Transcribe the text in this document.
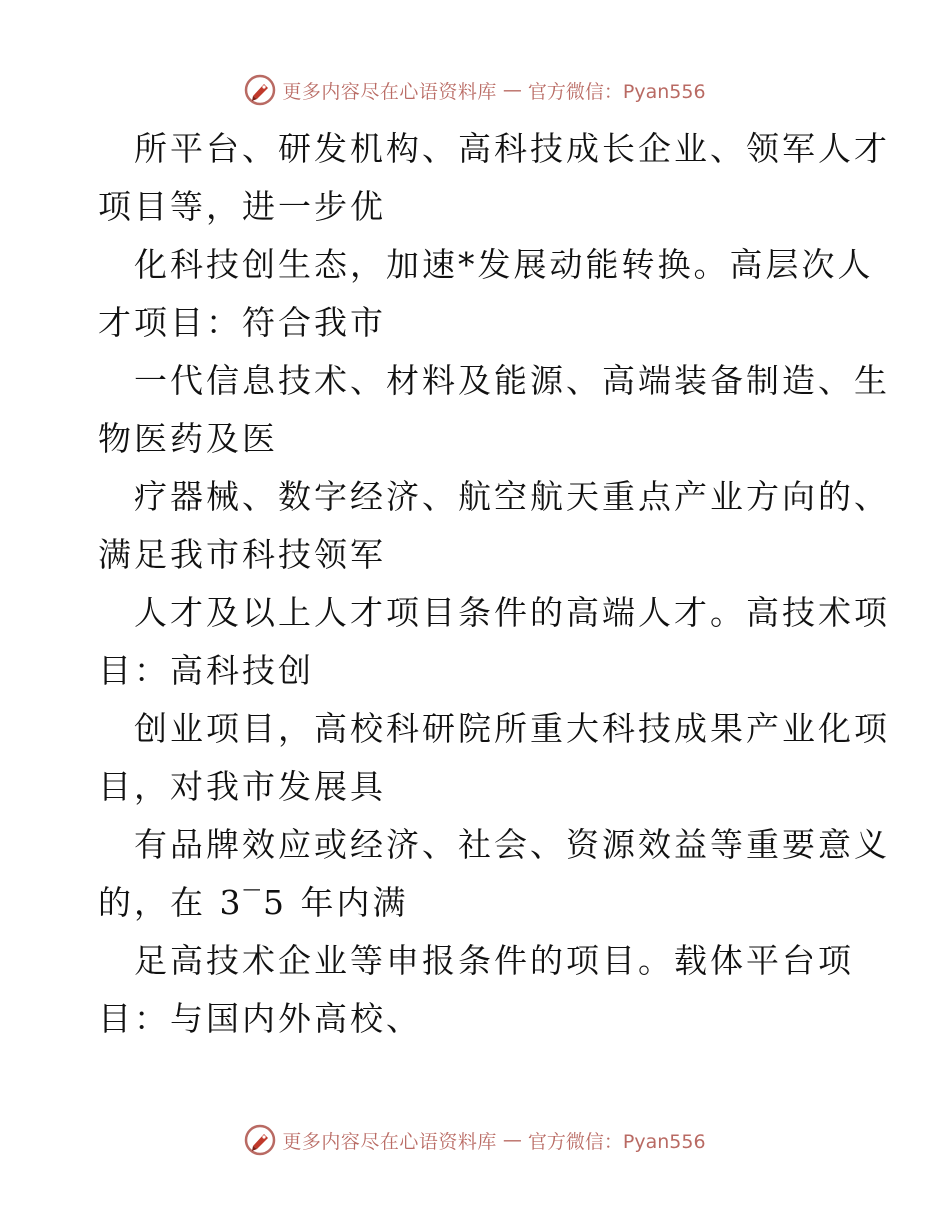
更多内容尽在心语资料库 — 官方微信：Pyan556
所平台、研发机构、高科技成长企业、领军人才
项目等，进一步优
化科技创生态，加速*发展动能转换。高层次人
才项目：符合我市
一代信息技术、材料及能源、高端装备制造、生
物医药及医
疗器械、数字经济、航空航天重点产业方向的、
满足我市科技领军
人才及以上人才项目条件的高端人才。高技术项
目：高科技创
创业项目，高校科研院所重大科技成果产业化项
目，对我市发展具
有品牌效应或经济、社会、资源效益等重要意义
的，在 3‾5 年内满
足高技术企业等申报条件的项目。载体平台项
目：与国内外高校、
更多内容尽在心语资料库 — 官方微信：Pyan556
